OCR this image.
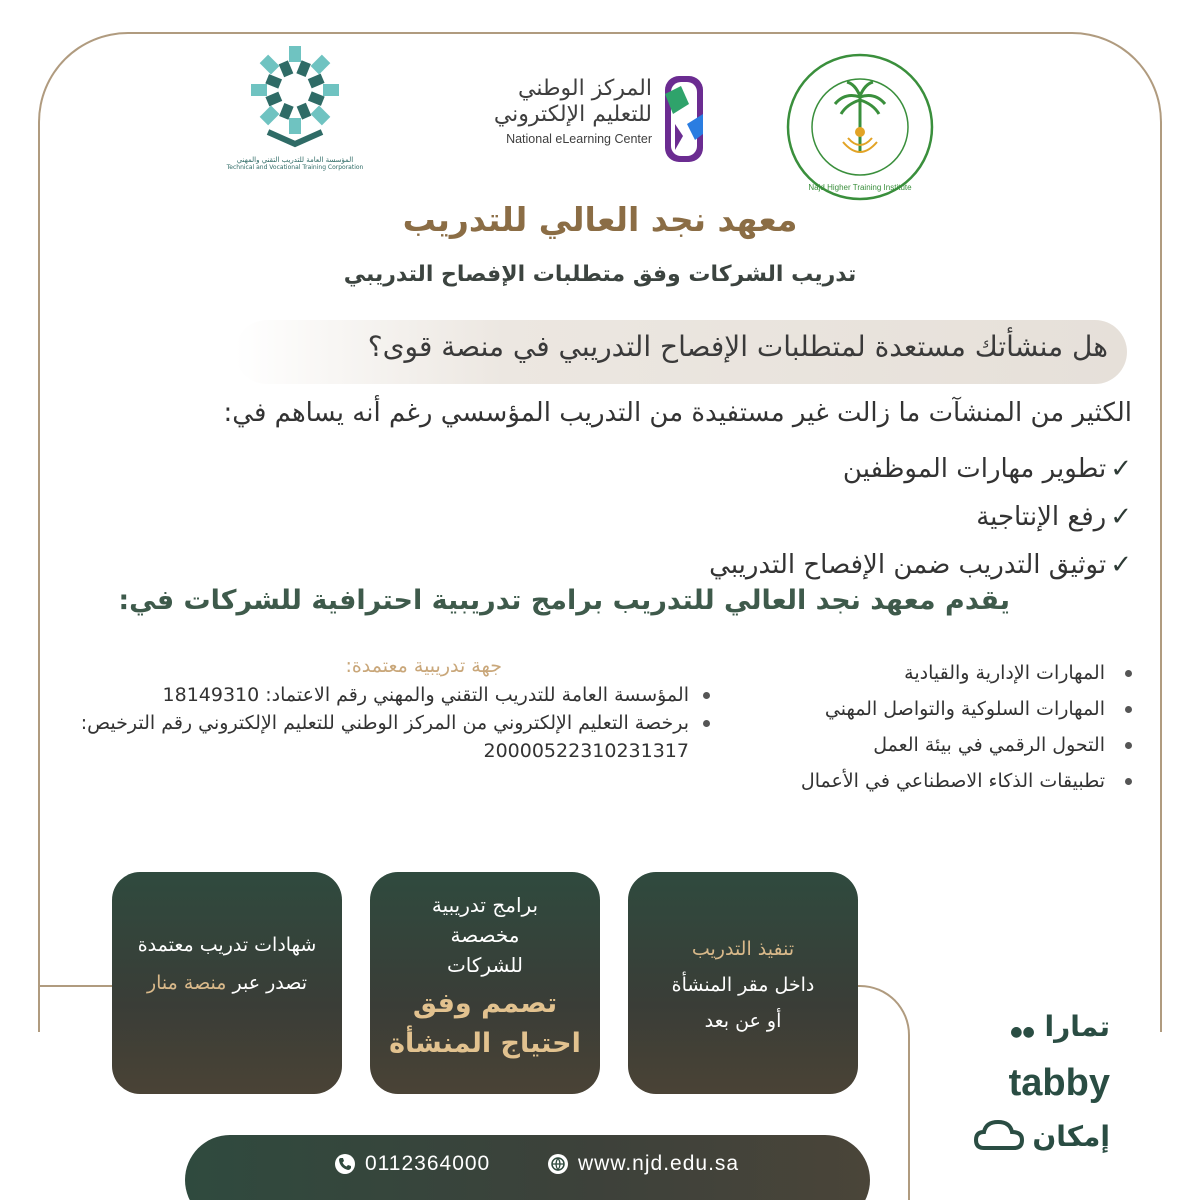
المؤسسة العامة للتدريب التقني والمهني
Technical and Vocational Training Corporation
المركز الوطني
للتعليم الإلكتروني
National eLearning Center
Najd Higher Training Institute
معهد نجد العالي للتدريب
تدريب الشركات وفق متطلبات الإفصاح التدريبي
هل منشأتك مستعدة لمتطلبات الإفصاح التدريبي في منصة قوى؟
الكثير من المنشآت ما زالت غير مستفيدة من التدريب المؤسسي رغم أنه يساهم في:
✓
تطوير مهارات الموظفين
✓
رفع الإنتاجية
✓
توثيق التدريب ضمن الإفصاح التدريبي
يقدم معهد نجد العالي للتدريب برامج تدريبية احترافية للشركات في:
المهارات الإدارية والقيادية
المهارات السلوكية والتواصل المهني
التحول الرقمي في بيئة العمل
تطبيقات الذكاء الاصطناعي في الأعمال
جهة تدريبية معتمدة:
المؤسسة العامة للتدريب التقني والمهني رقم الاعتماد: 18149310
برخصة التعليم الإلكتروني من المركز الوطني للتعليم الإلكتروني رقم الترخيص: 20000522310231317
تنفيذ التدريب
داخل مقر المنشأة
أو عن بعد
برامج تدريبية مخصصة للشركات
تصمم وفق احتياج المنشأة
شهادات تدريب معتمدة
تصدر عبر منصة منار
تمارا ●●
tabby
إمكان
0112364000	www.njd.edu.sa
